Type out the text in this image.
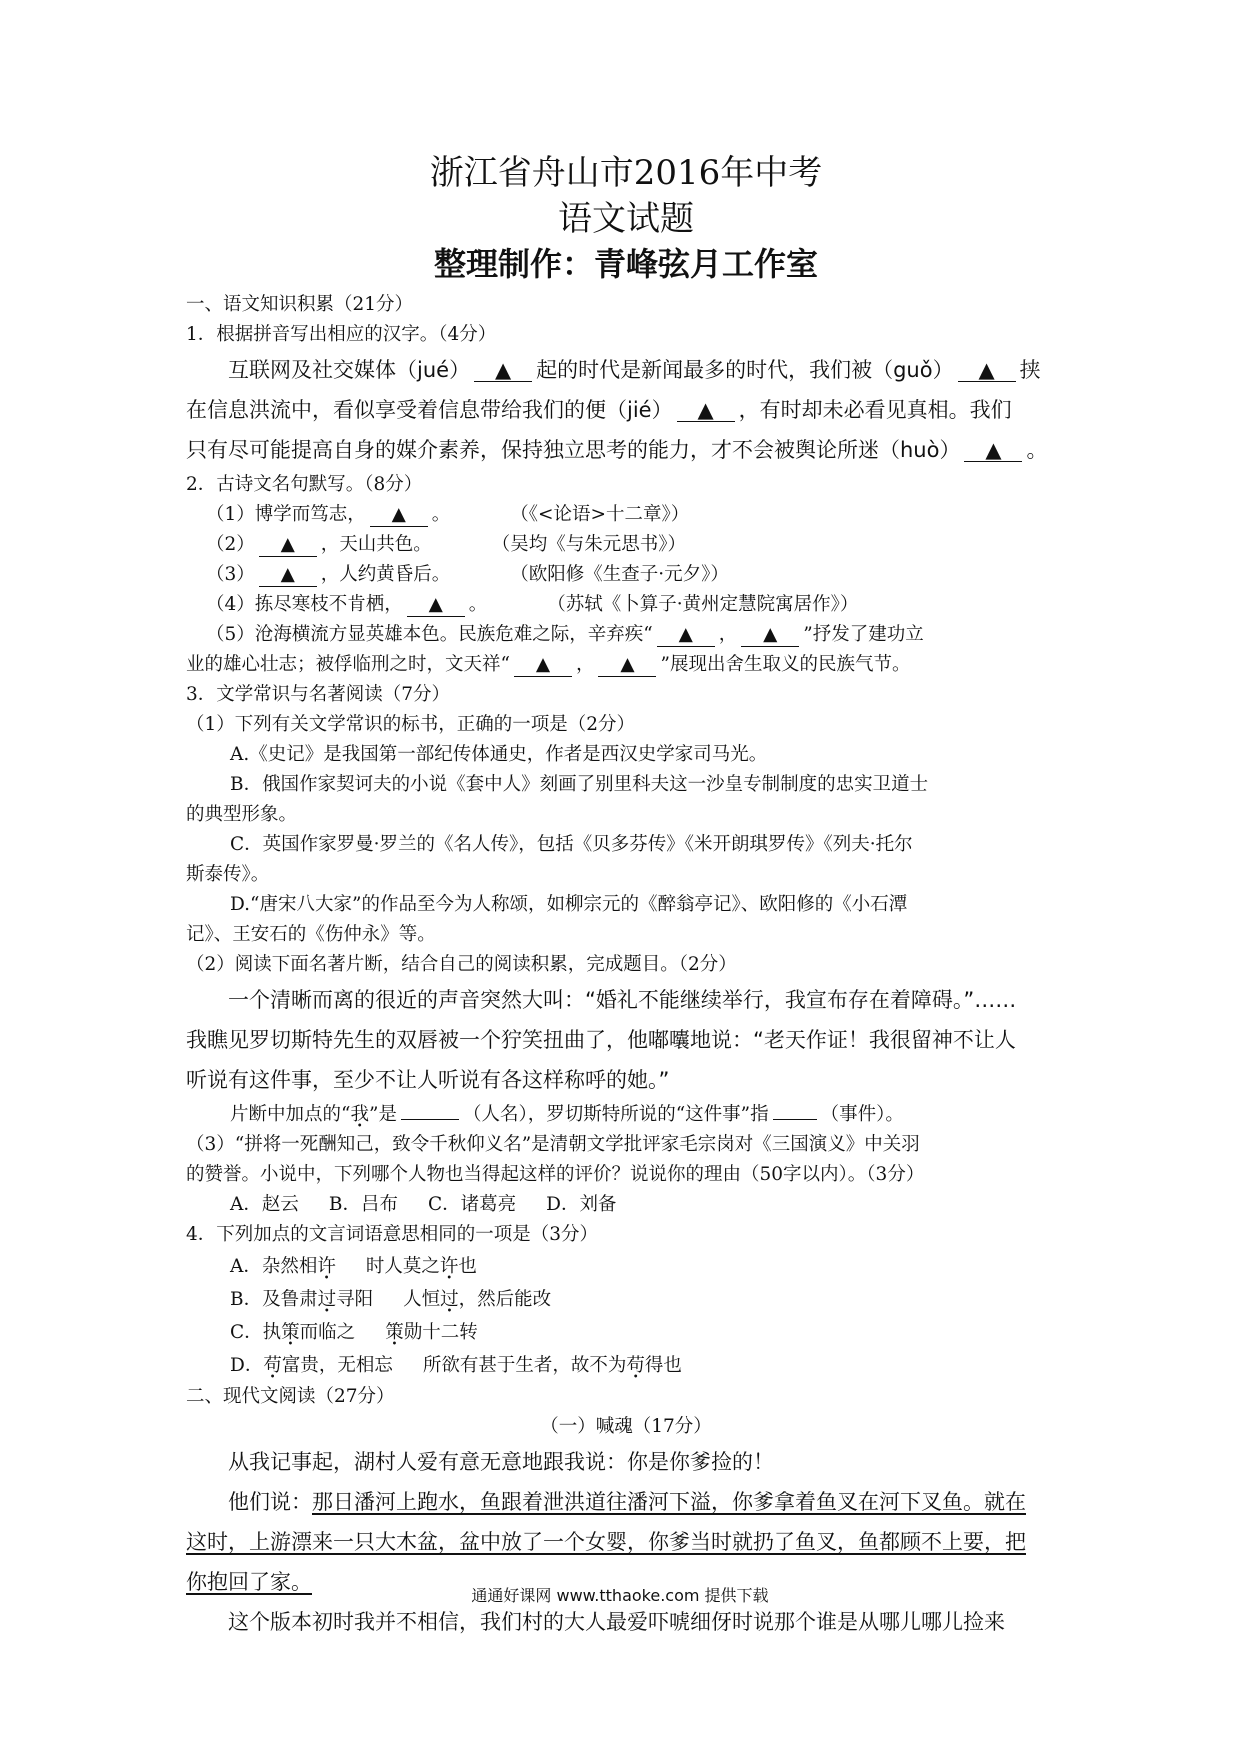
浙江省舟山市2016年中考
语文试题
整理制作：青峰弦月工作室
一、语文知识积累（21分）
1．根据拼音写出相应的汉字。（4分）
互联网及社交媒体（jué） ▲ 起的时代是新闻最多的时代，我们被（guǒ） ▲ 挟
在信息洪流中，看似享受着信息带给我们的便（jié） ▲ ，有时却未必看见真相。我们
只有尽可能提高自身的媒介素养，保持独立思考的能力，才不会被舆论所迷（huò） ▲ 。
2．古诗文名句默写。（8分）
（1）博学而笃志， ▲ 。	（《<论语>十二章》）
（2） ▲ ，天山共色。	（吴均《与朱元思书》）
（3） ▲ ，人约黄昏后。	（欧阳修《生查子·元夕》）
（4）拣尽寒枝不肯栖， ▲ 。	（苏轼《卜算子·黄州定慧院寓居作》）
（5）沧海横流方显英雄本色。民族危难之际，辛弃疾“ ▲ ， ▲ ”抒发了建功立
业的雄心壮志；被俘临刑之时，文天祥“ ▲ ， ▲ ”展现出舍生取义的民族气节。
3．文学常识与名著阅读（7分）
（1）下列有关文学常识的标书，正确的一项是（2分）
A.《史记》是我国第一部纪传体通史，作者是西汉史学家司马光。
B．俄国作家契诃夫的小说《套中人》刻画了别里科夫这一沙皇专制制度的忠实卫道士
的典型形象。
C．英国作家罗曼·罗兰的《名人传》，包括《贝多芬传》《米开朗琪罗传》《列夫·托尔
斯泰传》。
D.“唐宋八大家”的作品至今为人称颂，如柳宗元的《醉翁亭记》、欧阳修的《小石潭
记》、王安石的《伤仲永》等。
（2）阅读下面名著片断，结合自己的阅读积累，完成题目。（2分）
一个清晰而离的很近的声音突然大叫：“婚礼不能继续举行，我宣布存在着障碍。”……
我瞧见罗切斯特先生的双唇被一个狞笑扭曲了，他嘟囔地说：“老天作证！我很留神不让人
听说有这件事，至少不让人听说有各这样称呼的她。”
片断中加点的“我”是	（人名），罗切斯特所说的“这件事”指	（事件）。
（3）“拼将一死酬知己，致令千秋仰义名”是清朝文学批评家毛宗岗对《三国演义》中关羽
的赞誉。小说中，下列哪个人物也当得起这样的评价？说说你的理由（50字以内）。（3分）
A．赵云 B．吕布 C．诸葛亮 D．刘备
4．下列加点的文言词语意思相同的一项是（3分）
A．杂然相许 时人莫之许也
B．及鲁肃过寻阳 人恒过，然后能改
C．执策而临之 策勋十二转
D．苟富贵，无相忘 所欲有甚于生者，故不为苟得也
二、现代文阅读（27分）
（一）喊魂（17分）
从我记事起，湖村人爱有意无意地跟我说：你是你爹捡的！
他们说：那日潘河上跑水，鱼跟着泄洪道往潘河下溢，你爹拿着鱼叉在河下叉鱼。就在
这时，上游漂来一只大木盆，盆中放了一个女婴，你爹当时就扔了鱼叉，鱼都顾不上要，把
你抱回了家。
这个版本初时我并不相信，我们村的大人最爱吓唬细伢时说那个谁是从哪儿哪儿捡来
通通好课网 www.tthaoke.com 提供下载
